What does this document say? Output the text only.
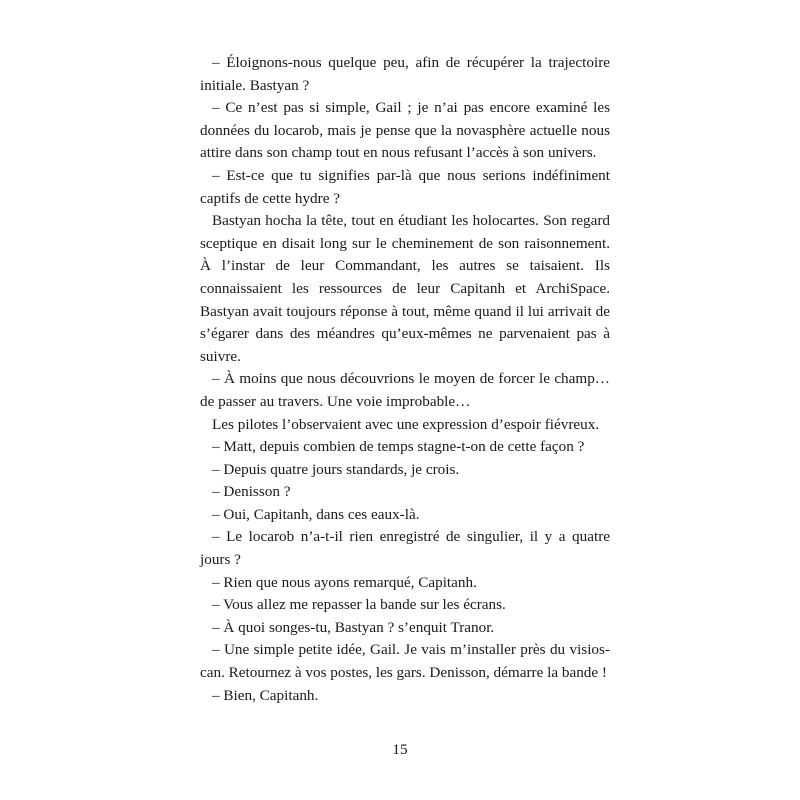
– Éloignons-nous quelque peu, afin de récupérer la trajectoire initiale. Bastyan ?

– Ce n’est pas si simple, Gail ; je n’ai pas encore examiné les données du locarob, mais je pense que la novasphère actuelle nous attire dans son champ tout en nous refusant l’accès à son univers.

– Est-ce que tu signifies par-là que nous serions indéfiniment captifs de cette hydre ?

Bastyan hocha la tête, tout en étudiant les holocartes. Son regard sceptique en disait long sur le cheminement de son raisonnement. À l’instar de leur Commandant, les autres se taisaient. Ils connaissaient les ressources de leur Capitanh et ArchiSpace. Bastyan avait toujours réponse à tout, même quand il lui arrivait de s’égarer dans des méandres qu’eux-mêmes ne parvenaient pas à suivre.

– À moins que nous découvrions le moyen de forcer le champ… de passer au travers. Une voie improbable…

Les pilotes l’observaient avec une expression d’espoir fiévreux.

– Matt, depuis combien de temps stagne-t-on de cette façon ?

– Depuis quatre jours standards, je crois.

– Denisson ?

– Oui, Capitanh, dans ces eaux-là.

– Le locarob n’a-t-il rien enregistré de singulier, il y a quatre jours ?

– Rien que nous ayons remarqué, Capitanh.

– Vous allez me repasser la bande sur les écrans.

– À quoi songes-tu, Bastyan ? s’enquit Tranor.

– Une simple petite idée, Gail. Je vais m’installer près du visioscan. Retournez à vos postes, les gars. Denisson, démarre la bande !

– Bien, Capitanh.

15
